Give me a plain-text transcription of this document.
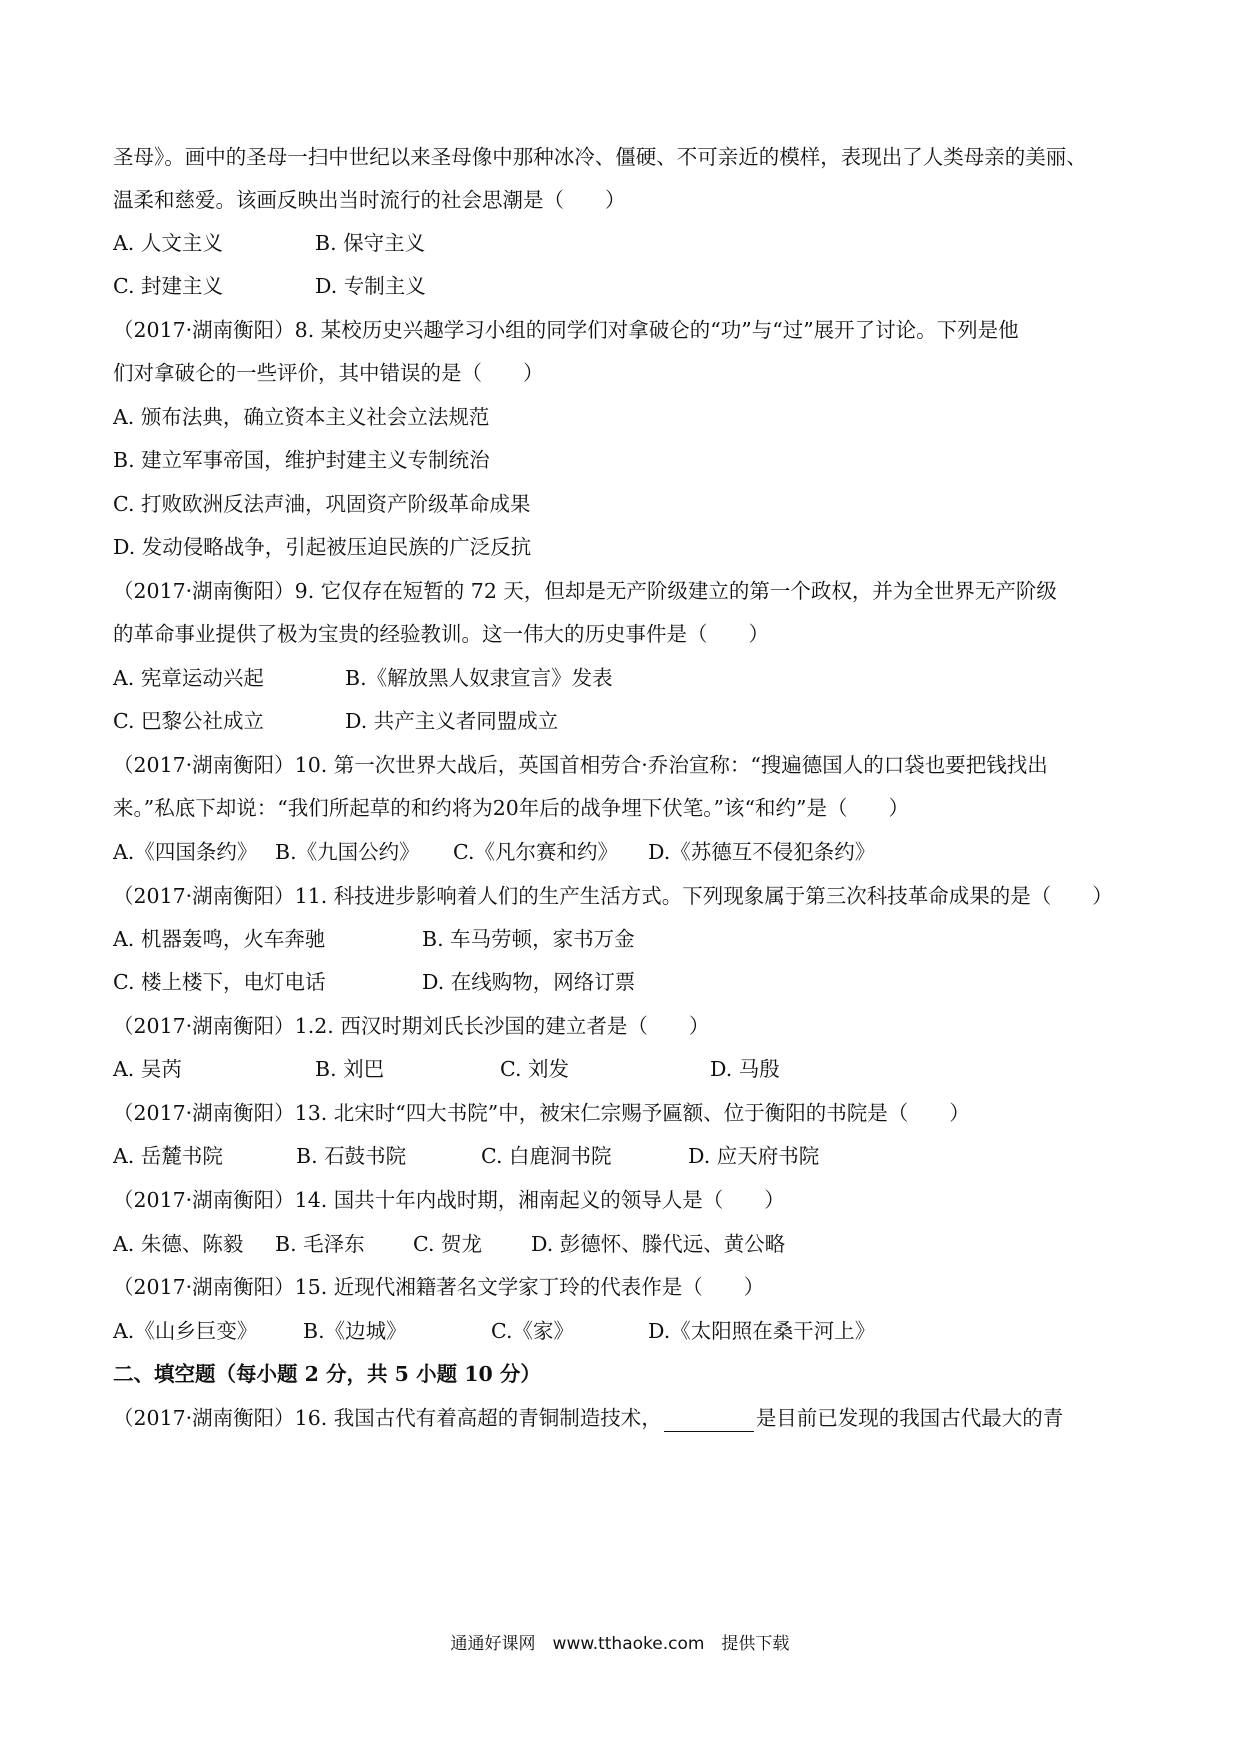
圣母》。画中的圣母一扫中世纪以来圣母像中那种冰冷、僵硬、不可亲近的模样，表现出了人类母亲的美丽、
温柔和慈爱。该画反映出当时流行的社会思潮是（　　）
A. 人文主义	B. 保守主义
C. 封建主义	D. 专制主义
（2017·湖南衡阳）8. 某校历史兴趣学习小组的同学们对拿破仑的“功”与“过”展开了讨论。下列是他
们对拿破仑的一些评价，其中错误的是（　　）
A. 颁布法典，确立资本主义社会立法规范
B. 建立军事帝国，维护封建主义专制统治
C. 打败欧洲反法声浀，巩固资产阶级革命成果
D. 发动侵略战争，引起被压迫民族的广泛反抗
（2017·湖南衡阳）9. 它仅存在短暂的 72 天，但却是无产阶级建立的第一个政权，并为全世界无产阶级
的革命事业提供了极为宝贵的经验教训。这一伟大的历史事件是（　　）
A. 宪章运动兴起	B.《解放黑人奴隶宣言》发表
C. 巴黎公社成立	D. 共产主义者同盟成立
（2017·湖南衡阳）10. 第一次世界大战后，英国首相劳合·乔治宣称：“搜遍德国人的口袋也要把钱找出
来。”私底下却说：“我们所起草的和约将为20年后的战争埋下伏笔。”该“和约”是（　　）
A.《四国条约》 B.《九国公约》 C.《凡尔赛和约》 D.《苏德互不侵犯条约》
（2017·湖南衡阳）11. 科技进步影响着人们的生产生活方式。下列现象属于第三次科技革命成果的是（　　）
A. 机器轰鸣，火车奔驰	B. 车马劳顿，家书万金
C. 楼上楼下，电灯电话	D. 在线购物，网络订票
（2017·湖南衡阳）1.2. 西汉时期刘氏长沙国的建立者是（　　）
A. 吴芮	B. 刘巴	C. 刘发	D. 马殷
（2017·湖南衡阳）13. 北宋时“四大书院”中，被宋仁宗赐予匾额、位于衡阳的书院是（　　）
A. 岳麓书院	B. 石鼓书院	C. 白鹿洞书院	D. 应天府书院
（2017·湖南衡阳）14. 国共十年内战时期，湘南起义的领导人是（　　）
A. 朱德、陈毅 B. 毛泽东 C. 贺龙 D. 彭德怀、滕代远、黄公略
（2017·湖南衡阳）15. 近现代湘籍著名文学家丁玲的代表作是（　　）
A.《山乡巨变》 B.《边城》	C.《家》	D.《太阳照在桑干河上》
二、填空题（每小题 2 分，共 5 小题 10 分）
（2017·湖南衡阳）16. 我国古代有着高超的青铜制造技术，	是目前已发现的我国古代最大的青
通通好课网　www.tthaoke.com　提供下载
